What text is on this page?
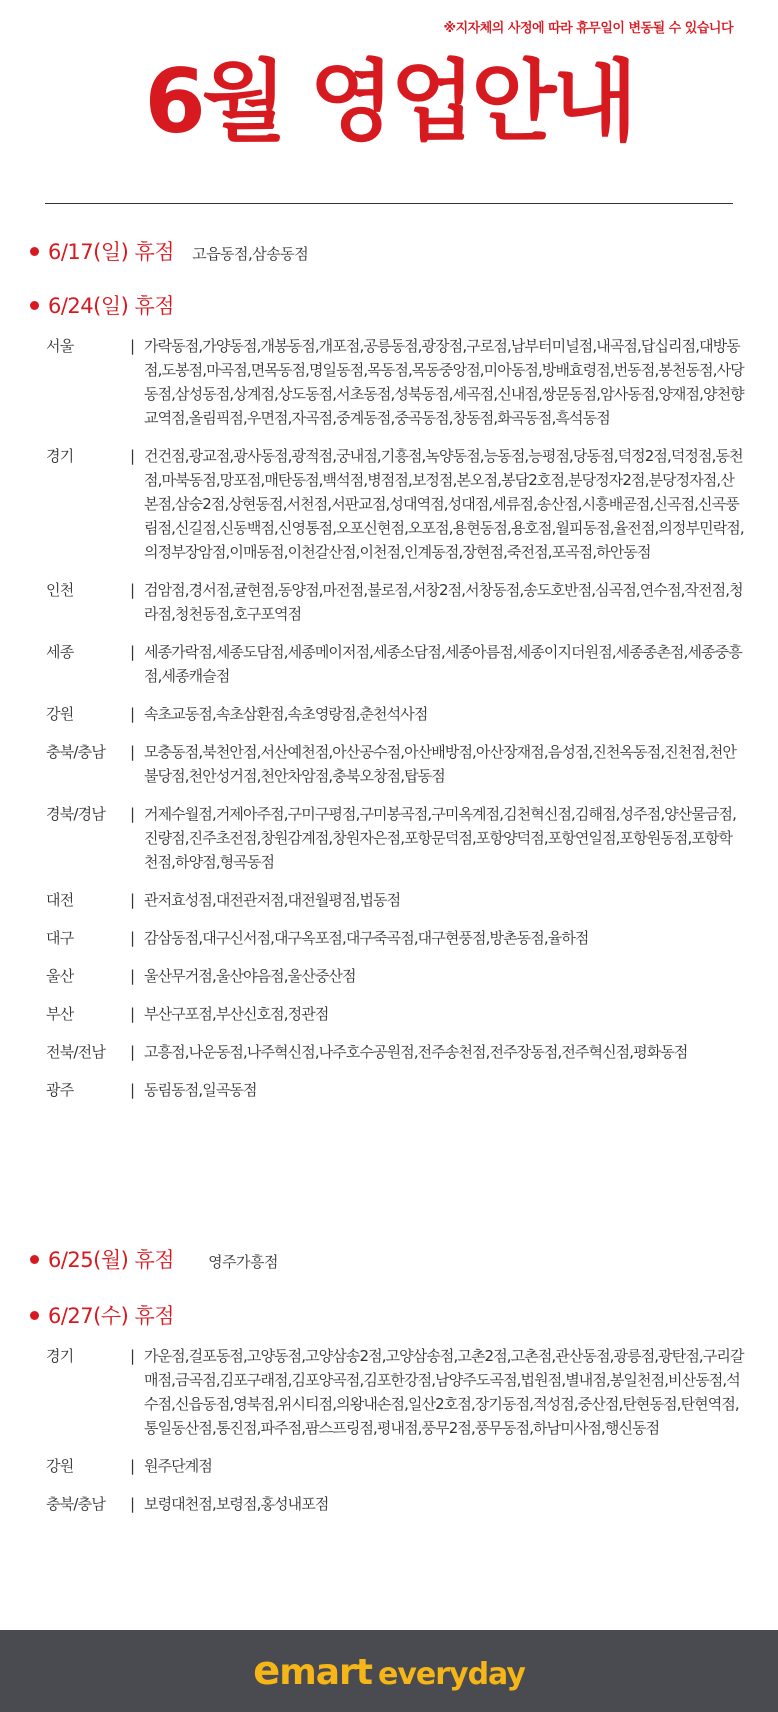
※지자체의 사정에 따라 휴무일이 변동될 수 있습니다
6월 영업안내
6/17(일) 휴점 고읍동점,삼송동점
6/24(일) 휴점
서울	| 가락동점,가양동점,개봉동점,개포점,공릉동점,광장점,구로점,남부터미널점,내곡점,답십리점,대방동점,도봉점,마곡점,면목동점,명일동점,목동점,목동중앙점,미아동점,방배효령점,번동점,봉천동점,사당동점,삼성동점,상계점,상도동점,서초동점,성북동점,세곡점,신내점,쌍문동점,암사동점,양재점,양천향교역점,올림픽점,우면점,자곡점,중계동점,중곡동점,창동점,화곡동점,흑석동점
경기	| 건건점,광교점,광사동점,광적점,궁내점,기흥점,녹양동점,능동점,능평점,당동점,덕정2점,덕정점,동천점,마북동점,망포점,매탄동점,백석점,병점점,보정점,본오점,봉담2호점,분당정자2점,분당정자점,산본점,삼숭2점,상현동점,서천점,서판교점,성대역점,성대점,세류점,송산점,시흥배곧점,신곡점,신곡풍림점,신길점,신동백점,신영통점,오포신현점,오포점,용현동점,용호점,월피동점,율전점,의정부민락점,의정부장암점,이매동점,이천갈산점,이천점,인계동점,장현점,죽전점,포곡점,하안동점
인천	| 검암점,경서점,귤현점,동양점,마전점,불로점,서창2점,서창동점,송도호반점,심곡점,연수점,작전점,청라점,청천동점,호구포역점
세종	| 세종가락점,세종도담점,세종메이저점,세종소담점,세종아름점,세종이지더원점,세종종촌점,세종중흥점,세종캐슬점
강원	| 속초교동점,속초삼환점,속초영랑점,춘천석사점
충북/충남	| 모충동점,북천안점,서산예천점,아산공수점,아산배방점,아산장재점,음성점,진천옥동점,진천점,천안불당점,천안성거점,천안차암점,충북오창점,탑동점
경북/경남	| 거제수월점,거제아주점,구미구평점,구미봉곡점,구미옥계점,김천혁신점,김해점,성주점,양산물금점,진량점,진주초전점,창원감계점,창원자은점,포항문덕점,포항양덕점,포항연일점,포항원동점,포항학천점,하양점,형곡동점
대전	| 관저효성점,대전관저점,대전월평점,법동점
대구	| 감삼동점,대구신서점,대구옥포점,대구죽곡점,대구현풍점,방촌동점,율하점
울산	| 울산무거점,울산야음점,울산중산점
부산	| 부산구포점,부산신호점,정관점
전북/전남	| 고흥점,나운동점,나주혁신점,나주호수공원점,전주송천점,전주장동점,전주혁신점,평화동점
광주	| 동림동점,일곡동점
6/25(월) 휴점 영주가흥점
6/27(수) 휴점
경기	| 가운점,걸포동점,고양동점,고양삼송2점,고양삼송점,고촌2점,고촌점,관산동점,광릉점,광탄점,구리갈매점,금곡점,김포구래점,김포양곡점,김포한강점,남양주도곡점,법원점,별내점,봉일천점,비산동점,석수점,신읍동점,영북점,위시티점,의왕내손점,일산2호점,장기동점,적성점,중산점,탄현동점,탄현역점,통일동산점,통진점,파주점,팜스프링점,평내점,풍무2점,풍무동점,하남미사점,행신동점
강원	| 원주단계점
충북/충남	| 보령대천점,보령점,홍성내포점
emart everyday
